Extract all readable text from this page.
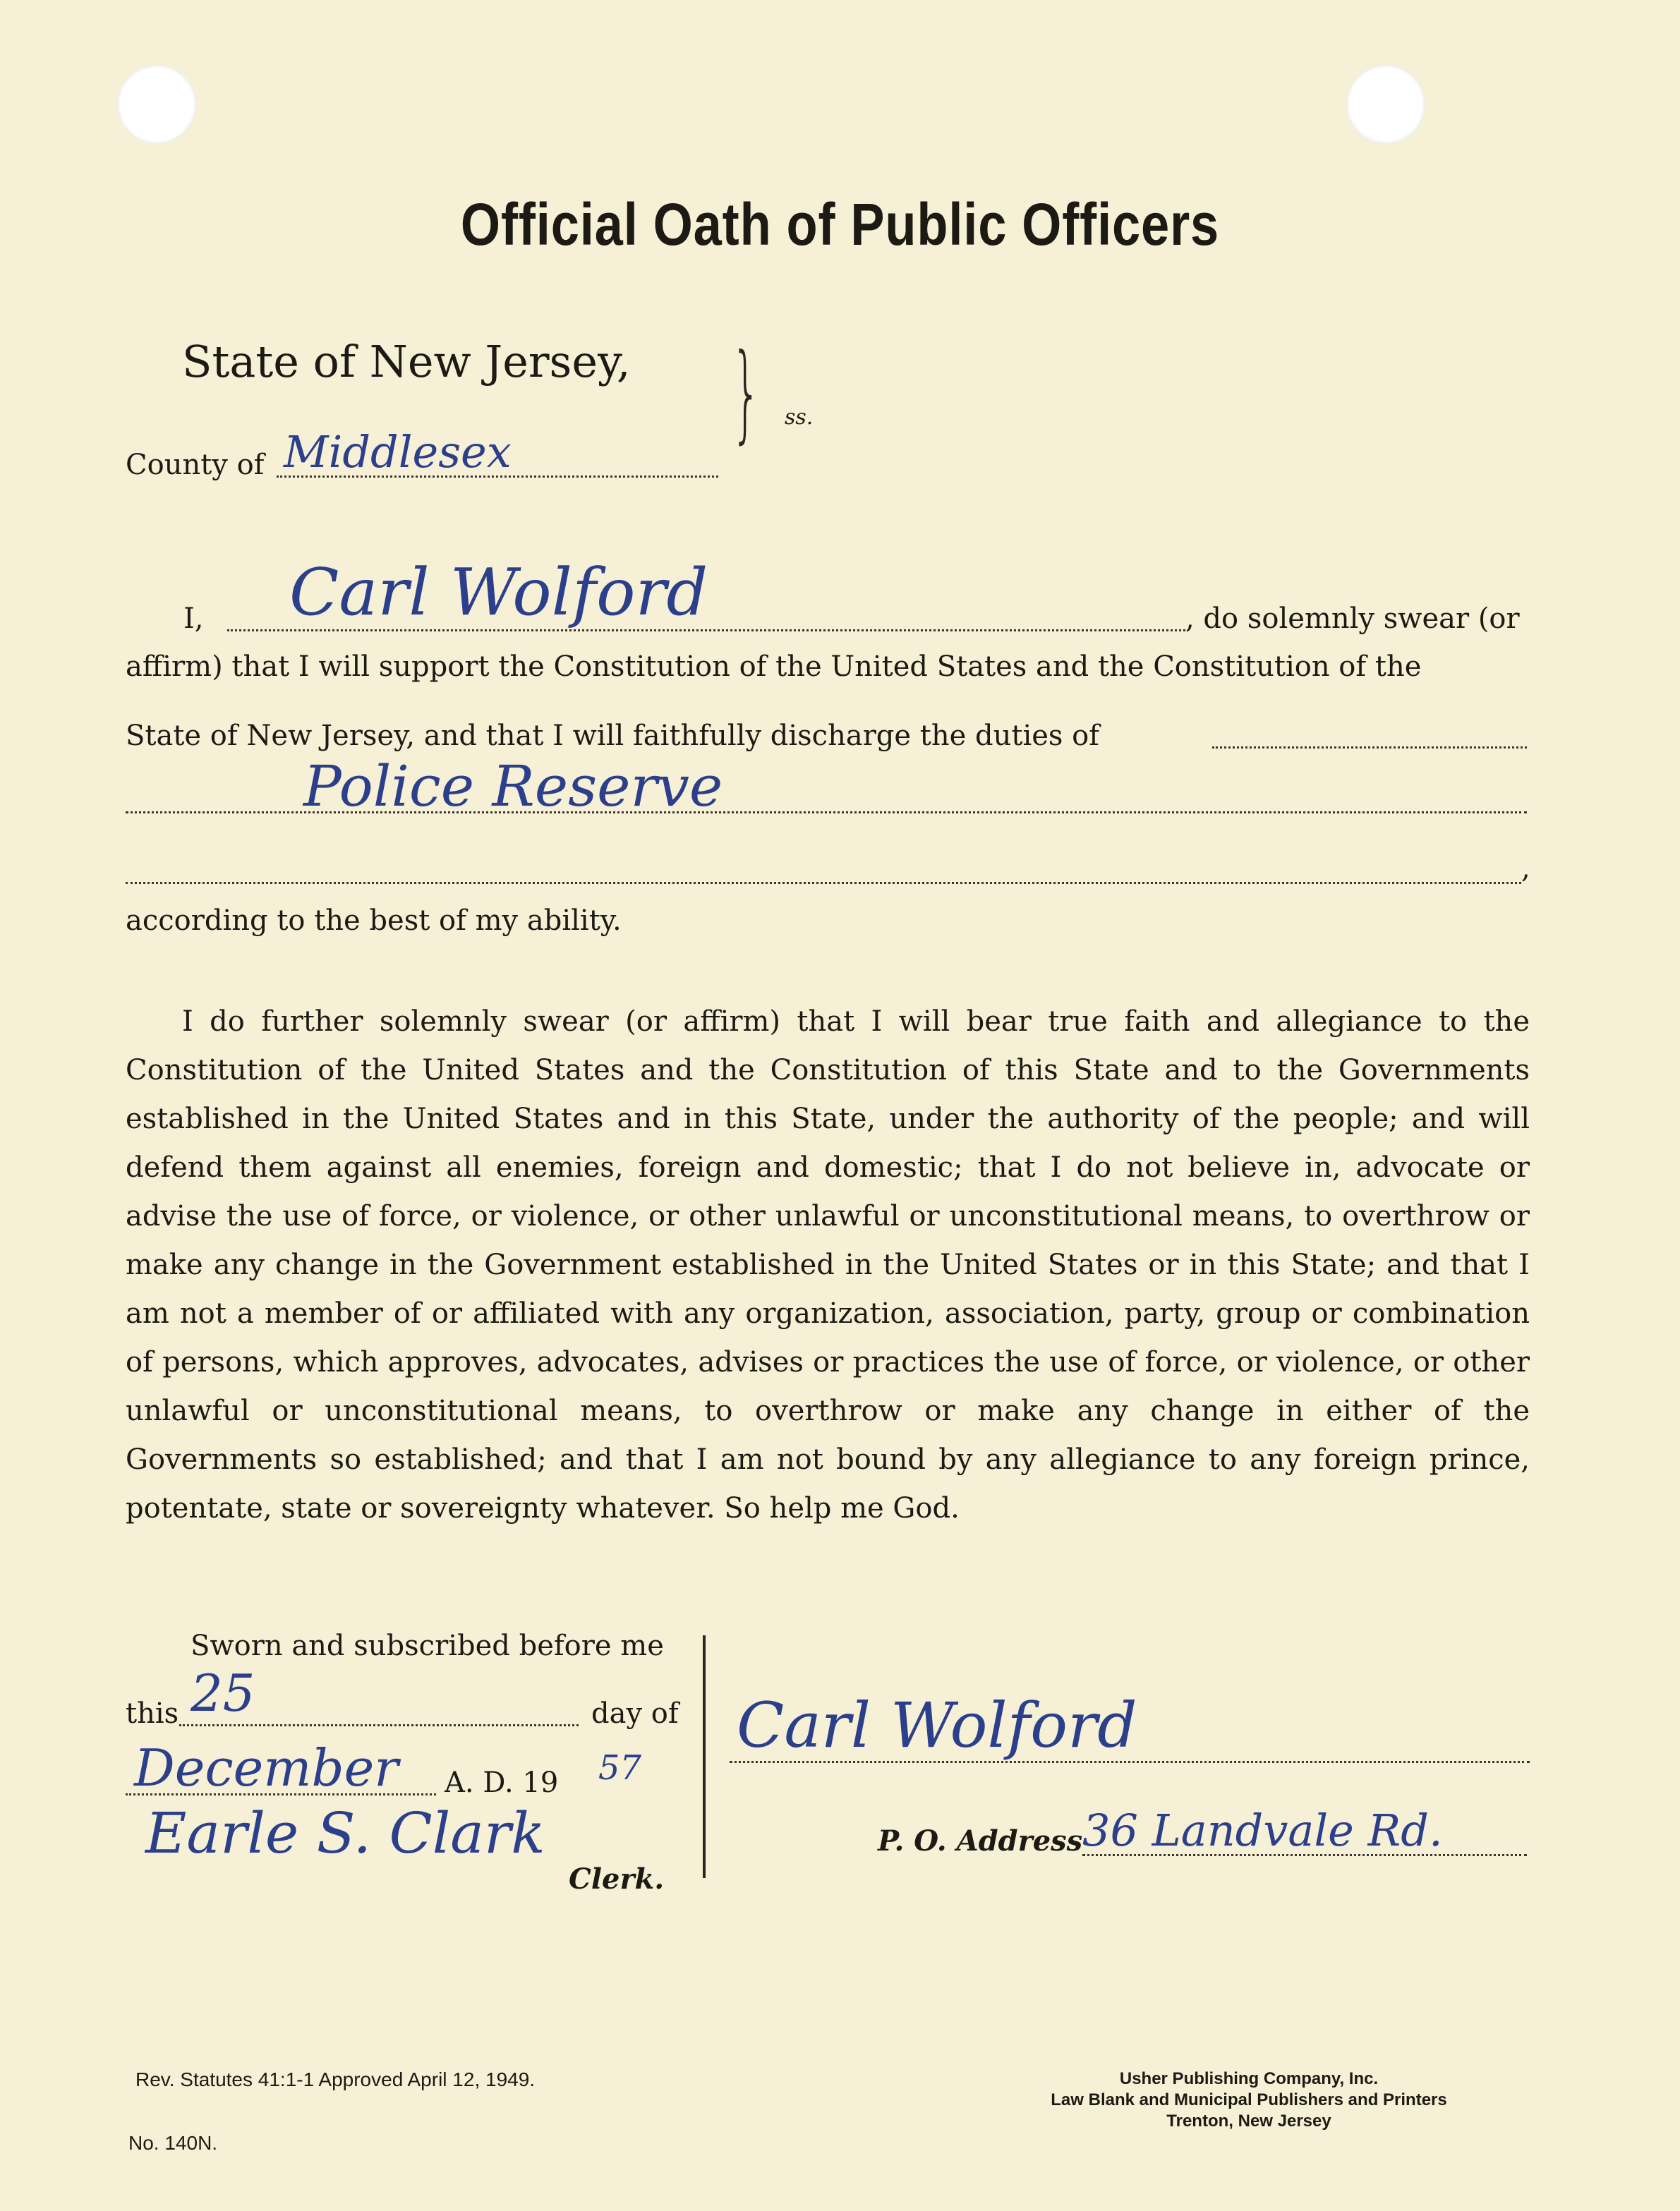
Official Oath of Public Officers
State of New Jersey,
County of Middlesex } ss.
I, Carl Wolford	, do solemnly swear (or
affirm) that I will support the Constitution of the United States and the Constitution of the
State of New Jersey, and that I will faithfully discharge the duties of
Police Reserve
,
according to the best of my ability.
I do further solemnly swear (or affirm) that I will bear true faith and allegiance to the Constitution of the United States and the Constitution of this State and to the Governments established in the United States and in this State, under the authority of the people; and will defend them against all enemies, foreign and domestic; that I do not believe in, advocate or advise the use of force, or violence, or other unlawful or unconstitutional means, to overthrow or make any change in the Government established in the United States or in this State; and that I am not a member of or affiliated with any organization, association, party, group or combination of persons, which approves, advocates, advises or practices the use of force, or violence, or other unlawful or unconstitutional means, to overthrow or make any change in either of the Governments so established; and that I am not bound by any allegiance to any foreign prince, potentate, state or sovereignty whatever. So help me God.
Sworn and subscribed before me
this 25	day of
December A. D. 19 57
Earle S. Clark
Clerk.
Carl Wolford
P. O. Address 36 Landvale Rd.
Rev. Statutes 41:1-1 Approved April 12, 1949.
No. 140N.
Usher Publishing Company, Inc.
Law Blank and Municipal Publishers and Printers
Trenton, New Jersey
